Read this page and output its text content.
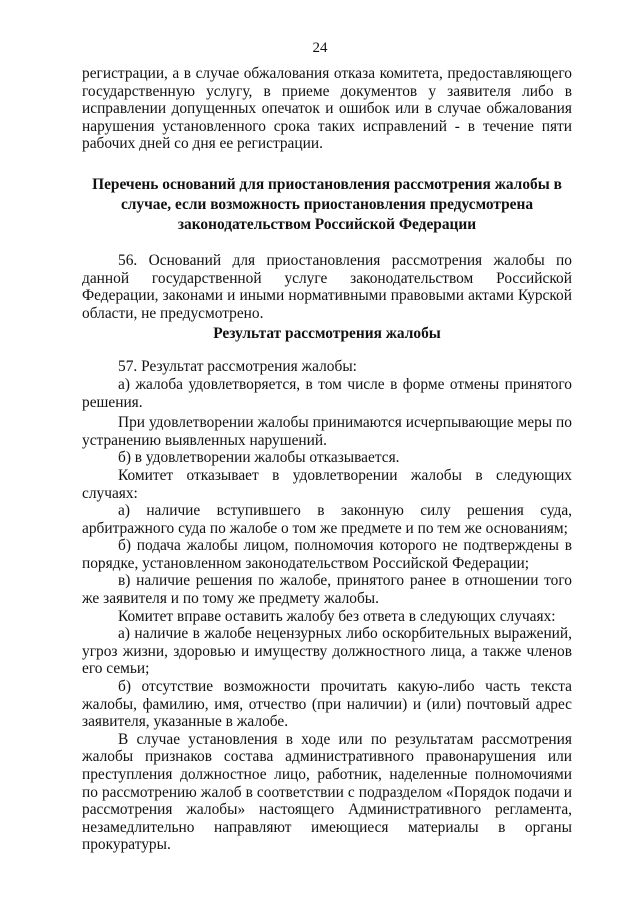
24

регистрации, а в случае обжалования отказа комитета, предоставляющего государственную услугу, в приеме документов у заявителя либо в исправлении допущенных опечаток и ошибок или в случае обжалования нарушения установленного срока таких исправлений - в течение пяти рабочих дней со дня ее регистрации.

Перечень оснований для приостановления рассмотрения жалобы в случае, если возможность приостановления предусмотрена законодательством Российской Федерации

56. Оснований для приостановления рассмотрения жалобы по данной государственной услуге законодательством Российской Федерации, законами и иными нормативными правовыми актами Курской области, не предусмотрено.

Результат рассмотрения жалобы

57. Результат рассмотрения жалобы:

а) жалоба удовлетворяется, в том числе в форме отмены принятого решения.

При удовлетворении жалобы принимаются исчерпывающие меры по устранению выявленных нарушений.

б) в удовлетворении жалобы отказывается.

Комитет отказывает в удовлетворении жалобы в следующих случаях:

а) наличие вступившего в законную силу решения суда, арбитражного суда по жалобе о том же предмете и по тем же основаниям;

б) подача жалобы лицом, полномочия которого не подтверждены в порядке, установленном законодательством Российской Федерации;

в) наличие решения по жалобе, принятого ранее в отношении того же заявителя и по тому же предмету жалобы.

Комитет вправе оставить жалобу без ответа в следующих случаях:

а) наличие в жалобе нецензурных либо оскорбительных выражений, угроз жизни, здоровью и имуществу должностного лица, а также членов его семьи;

б) отсутствие возможности прочитать какую-либо часть текста жалобы, фамилию, имя, отчество (при наличии) и (или) почтовый адрес заявителя, указанные в жалобе.

В случае установления в ходе или по результатам рассмотрения жалобы признаков состава административного правонарушения или преступления должностное лицо, работник, наделенные полномочиями по рассмотрению жалоб в соответствии с подразделом «Порядок подачи и рассмотрения жалобы» настоящего Административного регламента, незамедлительно направляют имеющиеся материалы в органы прокуратуры.
